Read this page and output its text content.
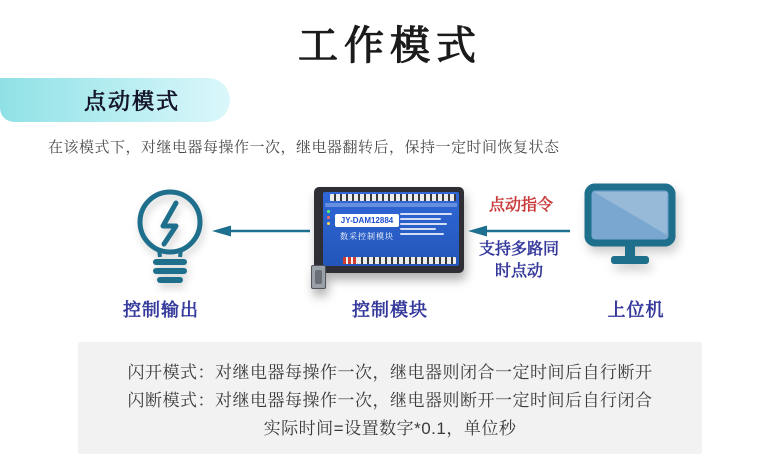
工作模式
点动模式
在该模式下，对继电器每操作一次，继电器翻转后，保持一定时间恢复状态
JY-DAM12884
数采控制模块
点动指令
支持多路同
时点动
控制输出	控制模块	上位机
闪开模式：对继电器每操作一次，继电器则闭合一定时间后自行断开
闪断模式：对继电器每操作一次，继电器则断开一定时间后自行闭合
实际时间=设置数字*0.1，单位秒
